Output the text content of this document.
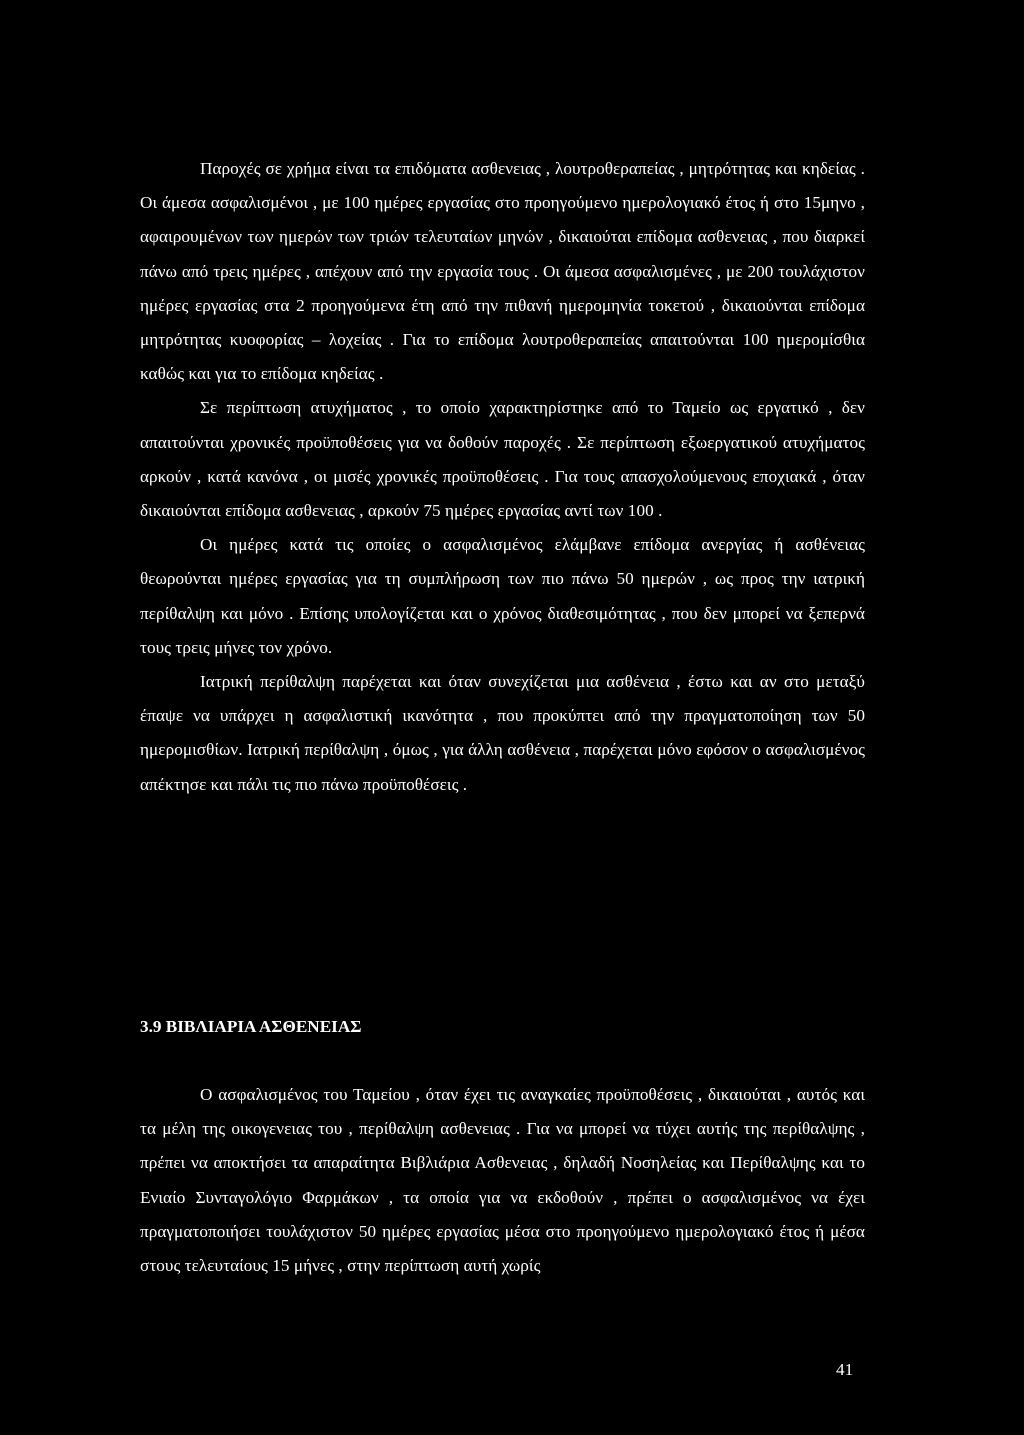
Παροχές σε χρήμα είναι τα επιδόματα ασθενειας , λουτροθεραπείας , μητρότητας και κηδείας . Οι άμεσα ασφαλισμένοι , με 100 ημέρες εργασίας στο προηγούμενο ημερολογιακό έτος ή στο 15μηνο , αφαιρουμένων των ημερών των τριών τελευταίων μηνών , δικαιούται επίδομα ασθενειας , που διαρκεί πάνω από τρεις ημέρες , απέχουν από την εργασία τους . Οι άμεσα ασφαλισμένες , με 200 τουλάχιστον ημέρες εργασίας στα 2 προηγούμενα έτη από την πιθανή ημερομηνία τοκετού , δικαιούνται επίδομα μητρότητας κυοφορίας – λοχείας . Για το επίδομα λουτροθεραπείας απαιτούνται 100 ημερομίσθια καθώς και για το επίδομα κηδείας .

Σε περίπτωση ατυχήματος , το οποίο χαρακτηρίστηκε από το Ταμείο ως εργατικό , δεν απαιτούνται χρονικές προϋποθέσεις για να δοθούν παροχές . Σε περίπτωση εξωεργατικού ατυχήματος αρκούν , κατά κανόνα , οι μισές χρονικές προϋποθέσεις . Για τους απασχολούμενους εποχιακά , όταν δικαιούνται επίδομα ασθενειας , αρκούν 75 ημέρες εργασίας αντί των 100 .

Οι ημέρες κατά τις οποίες ο ασφαλισμένος ελάμβανε επίδομα ανεργίας ή ασθένειας θεωρούνται ημέρες εργασίας για τη συμπλήρωση των πιο πάνω 50 ημερών , ως προς την ιατρική περίθαλψη και μόνο . Επίσης υπολογίζεται και ο χρόνος διαθεσιμότητας , που δεν μπορεί να ξεπερνά τους τρεις μήνες τον χρόνο.

Ιατρική περίθαλψη παρέχεται και όταν συνεχίζεται μια ασθένεια , έστω και αν στο μεταξύ έπαψε να υπάρχει η ασφαλιστική ικανότητα , που προκύπτει από την πραγματοποίηση των 50 ημερομισθίων. Ιατρική περίθαλψη , όμως , για άλλη ασθένεια , παρέχεται μόνο εφόσον ο ασφαλισμένος απέκτησε και πάλι τις πιο πάνω προϋποθέσεις .

3.9 ΒΙΒΛΙΑΡΙΑ ΑΣΘΕΝΕΙΑΣ

Ο ασφαλισμένος του Ταμείου , όταν έχει τις αναγκαίες προϋποθέσεις , δικαιούται , αυτός και τα μέλη της οικογενειας του , περίθαλψη ασθενειας . Για να μπορεί να τύχει αυτής της περίθαλψης , πρέπει να αποκτήσει τα απαραίτητα Βιβλιάρια Ασθενειας , δηλαδή Νοσηλείας και Περίθαλψης και το Ενιαίο Συνταγολόγιο Φαρμάκων , τα οποία για να εκδοθούν , πρέπει ο ασφαλισμένος να έχει πραγματοποιήσει τουλάχιστον 50 ημέρες εργασίας μέσα στο προηγούμενο ημερολογιακό έτος ή μέσα στους τελευταίους 15 μήνες , στην περίπτωση αυτή χωρίς

41
